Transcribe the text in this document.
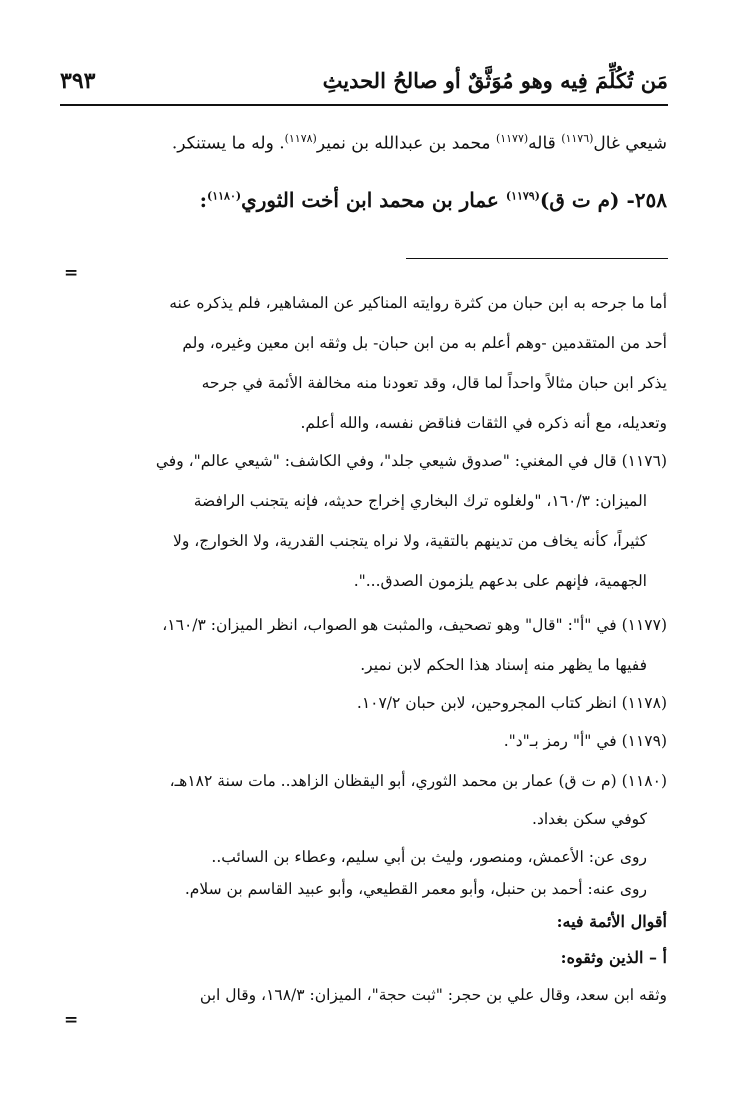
مَن تُكُلِّمَ فِيه وهو مُوَثَّقٌ أو صالحُ الحديثِ
٣٩٣
شيعي غال$^{(١١٧٦)}$ قاله$^{(١١٧٧)}$ محمد بن عبدالله بن نمير$^{(١١٧٨)}$. وله ما يستنكر.
٢٥٨- (م ت ق)$^{(١١٧٩)}$ عمار بن محمد ابن أخت الثوري$^{(١١٨٠)}$:
=
أما ما جرحه به ابن حبان من كثرة روايته المناكير عن المشاهير، فلم يذكره عنه
أحد من المتقدمين -وهم أعلم به من ابن حبان- بل وثقه ابن معين وغيره، ولم
يذكر ابن حبان مثالاً واحداً لما قال، وقد تعودنا منه مخالفة الأئمة في جرحه
وتعديله، مع أنه ذكره في الثقات فناقض نفسه، والله أعلم.
(١١٧٦) قال في المغني: "صدوق شيعي جلد"، وفي الكاشف: "شيعي عالم"، وفي
الميزان: ١٦٠/٣، "ولغلوه ترك البخاري إخراج حديثه، فإنه يتجنب الرافضة
كثيراً، كأنه يخاف من تدينهم بالتقية، ولا نراه يتجنب القدرية، ولا الخوارج، ولا
الجهمية، فإنهم على بدعهم يلزمون الصدق...".
(١١٧٧) في "أ": "قال" وهو تصحيف، والمثبت هو الصواب، انظر الميزان: ١٦٠/٣،
ففيها ما يظهر منه إسناد هذا الحكم لابن نمير.
(١١٧٨) انظر كتاب المجروحين، لابن حبان ١٠٧/٢.
(١١٧٩) في "أ" رمز بـ"د".
(١١٨٠) (م ت ق) عمار بن محمد الثوري، أبو اليقظان الزاهد.. مات سنة ١٨٢هـ،
كوفي سكن بغداد.
روى عن: الأعمش، ومنصور، وليث بن أبي سليم، وعطاء بن السائب..
روى عنه: أحمد بن حنبل، وأبو معمر القطيعي، وأبو عبيد القاسم بن سلام.
أقوال الأئمة فيه:
أ – الذين وثقوه:
وثقه ابن سعد، وقال علي بن حجر: "ثبت حجة"، الميزان: ١٦٨/٣، وقال ابن
=
